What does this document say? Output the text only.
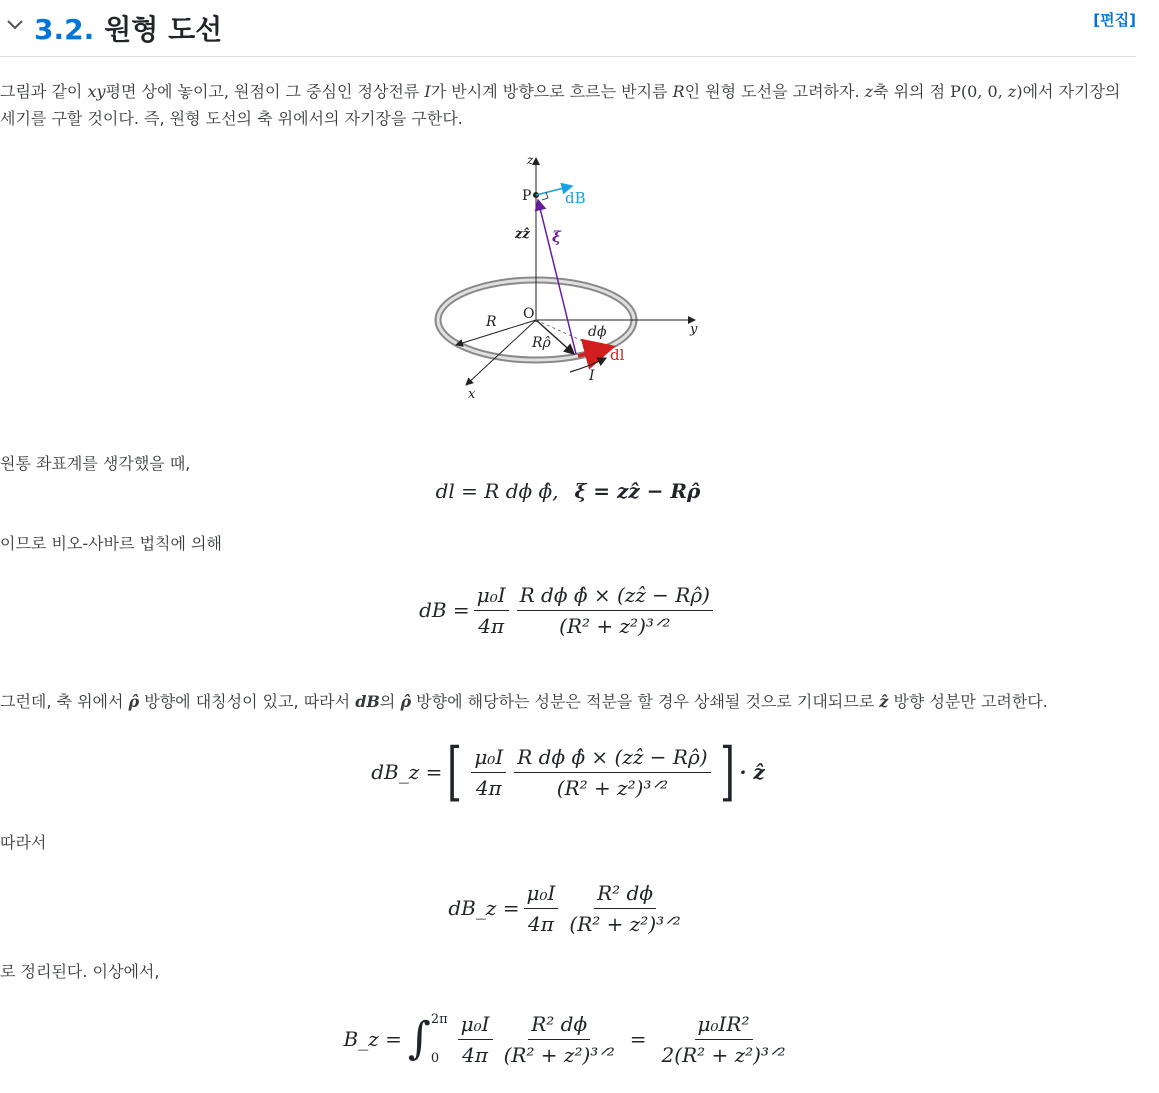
3.2. 원형 도선	[편집]
그림과 같이 xy평면 상에 놓이고, 원점이 그 중심인 정상전류 I가 반시계 방향으로 흐르는 반지름 R인 원형 도선을 고려하자. z축 위의 점 P(0, 0, z)에서 자기장의 세기를 구할 것이다. 즉, 원형 도선의 축 위에서의 자기장을 구한다.
z
P dB
zẑ ξ
O
R	y
Rρ̂
dϕ
dl
I
x
원통 좌표계를 생각했을 때,
dl = R dϕ ϕ̂, ξ = zẑ − Rρ̂
이므로 비오-사바르 법칙에 의해
dB = $\frac{\text{μ₀I}}{4\pi} \frac{\text{R dϕ ϕ̂ × (zẑ − Rρ̂)}}{\text{(R² + z²)³ᐟ²}}$
그런데, 축 위에서 ρ̂ 방향에 대칭성이 있고, 따라서 dB의 ρ̂ 방향에 해당하는 성분은 적분을 할 경우 상쇄될 것으로 기대되므로 ẑ 방향 성분만 고려한다.
dB_z = [ $\frac{\text{μ₀I}}{4\pi} \frac{\text{R dϕ ϕ̂ × (zẑ − Rρ̂)}}{\text{(R² + z²)³ᐟ²}}$ ] · ẑ
따라서
dB_z = $\frac{\text{μ₀I}}{4\pi} \frac{\text{R² dϕ}}{\text{(R² + z²)³ᐟ²}}$
로 정리된다. 이상에서,
B_z = ∫ 2π
$0 \frac{\text{μ₀I}}{4\pi} \frac{\text{R² dϕ}}{\text{(R² + z²)³ᐟ²}} = \frac{\text{μ₀IR²}}{\text{2(R² + z²)³ᐟ²}}$
